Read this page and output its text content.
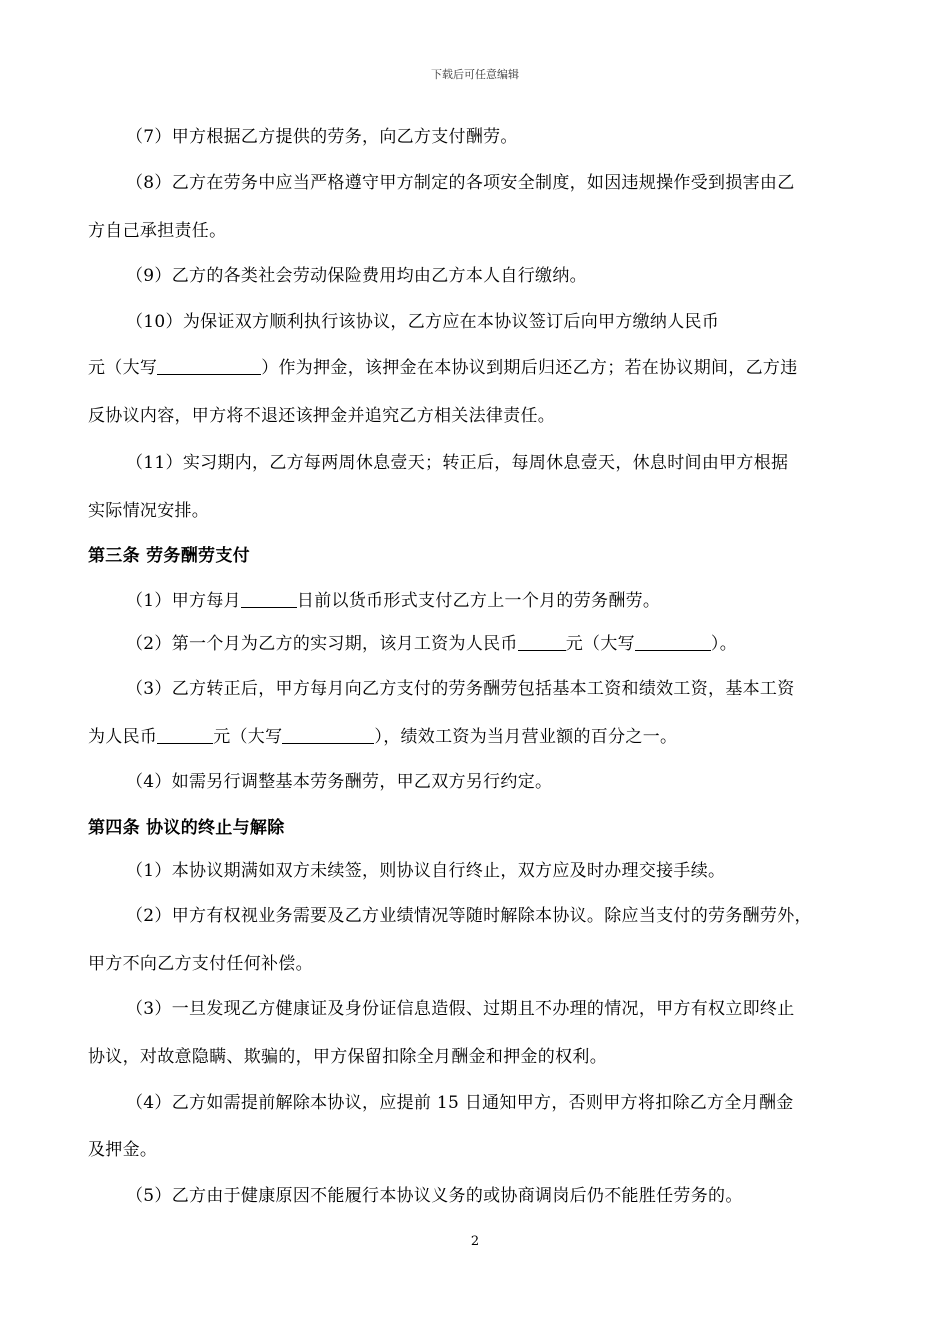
下载后可任意编辑
（7）甲方根据乙方提供的劳务，向乙方支付酬劳。
（8）乙方在劳务中应当严格遵守甲方制定的各项安全制度，如因违规操作受到损害由乙
方自己承担责任。
（9）乙方的各类社会劳动保险费用均由乙方本人自行缴纳。
（10）为保证双方顺利执行该协议，乙方应在本协议签订后向甲方缴纳人民币
元（大写	）作为押金，该押金在本协议到期后归还乙方；若在协议期间，乙方违
反协议内容，甲方将不退还该押金并追究乙方相关法律责任。
（11）实习期内，乙方每两周休息壹天；转正后，每周休息壹天，休息时间由甲方根据
实际情况安排。
第三条 劳务酬劳支付
（1）甲方每月	日前以货币形式支付乙方上一个月的劳务酬劳。
（2）第一个月为乙方的实习期，该月工资为人民币	元（大写	）。
（3）乙方转正后，甲方每月向乙方支付的劳务酬劳包括基本工资和绩效工资，基本工资
为人民币	元（大写	），绩效工资为当月营业额的百分之一。
（4）如需另行调整基本劳务酬劳，甲乙双方另行约定。
第四条 协议的终止与解除
（1）本协议期满如双方未续签，则协议自行终止，双方应及时办理交接手续。
（2）甲方有权视业务需要及乙方业绩情况等随时解除本协议。除应当支付的劳务酬劳外，
甲方不向乙方支付任何补偿。
（3）一旦发现乙方健康证及身份证信息造假、过期且不办理的情况，甲方有权立即终止
协议，对故意隐瞒、欺骗的，甲方保留扣除全月酬金和押金的权利。
（4）乙方如需提前解除本协议，应提前 15 日通知甲方，否则甲方将扣除乙方全月酬金
及押金。
（5）乙方由于健康原因不能履行本协议义务的或协商调岗后仍不能胜任劳务的。
2
